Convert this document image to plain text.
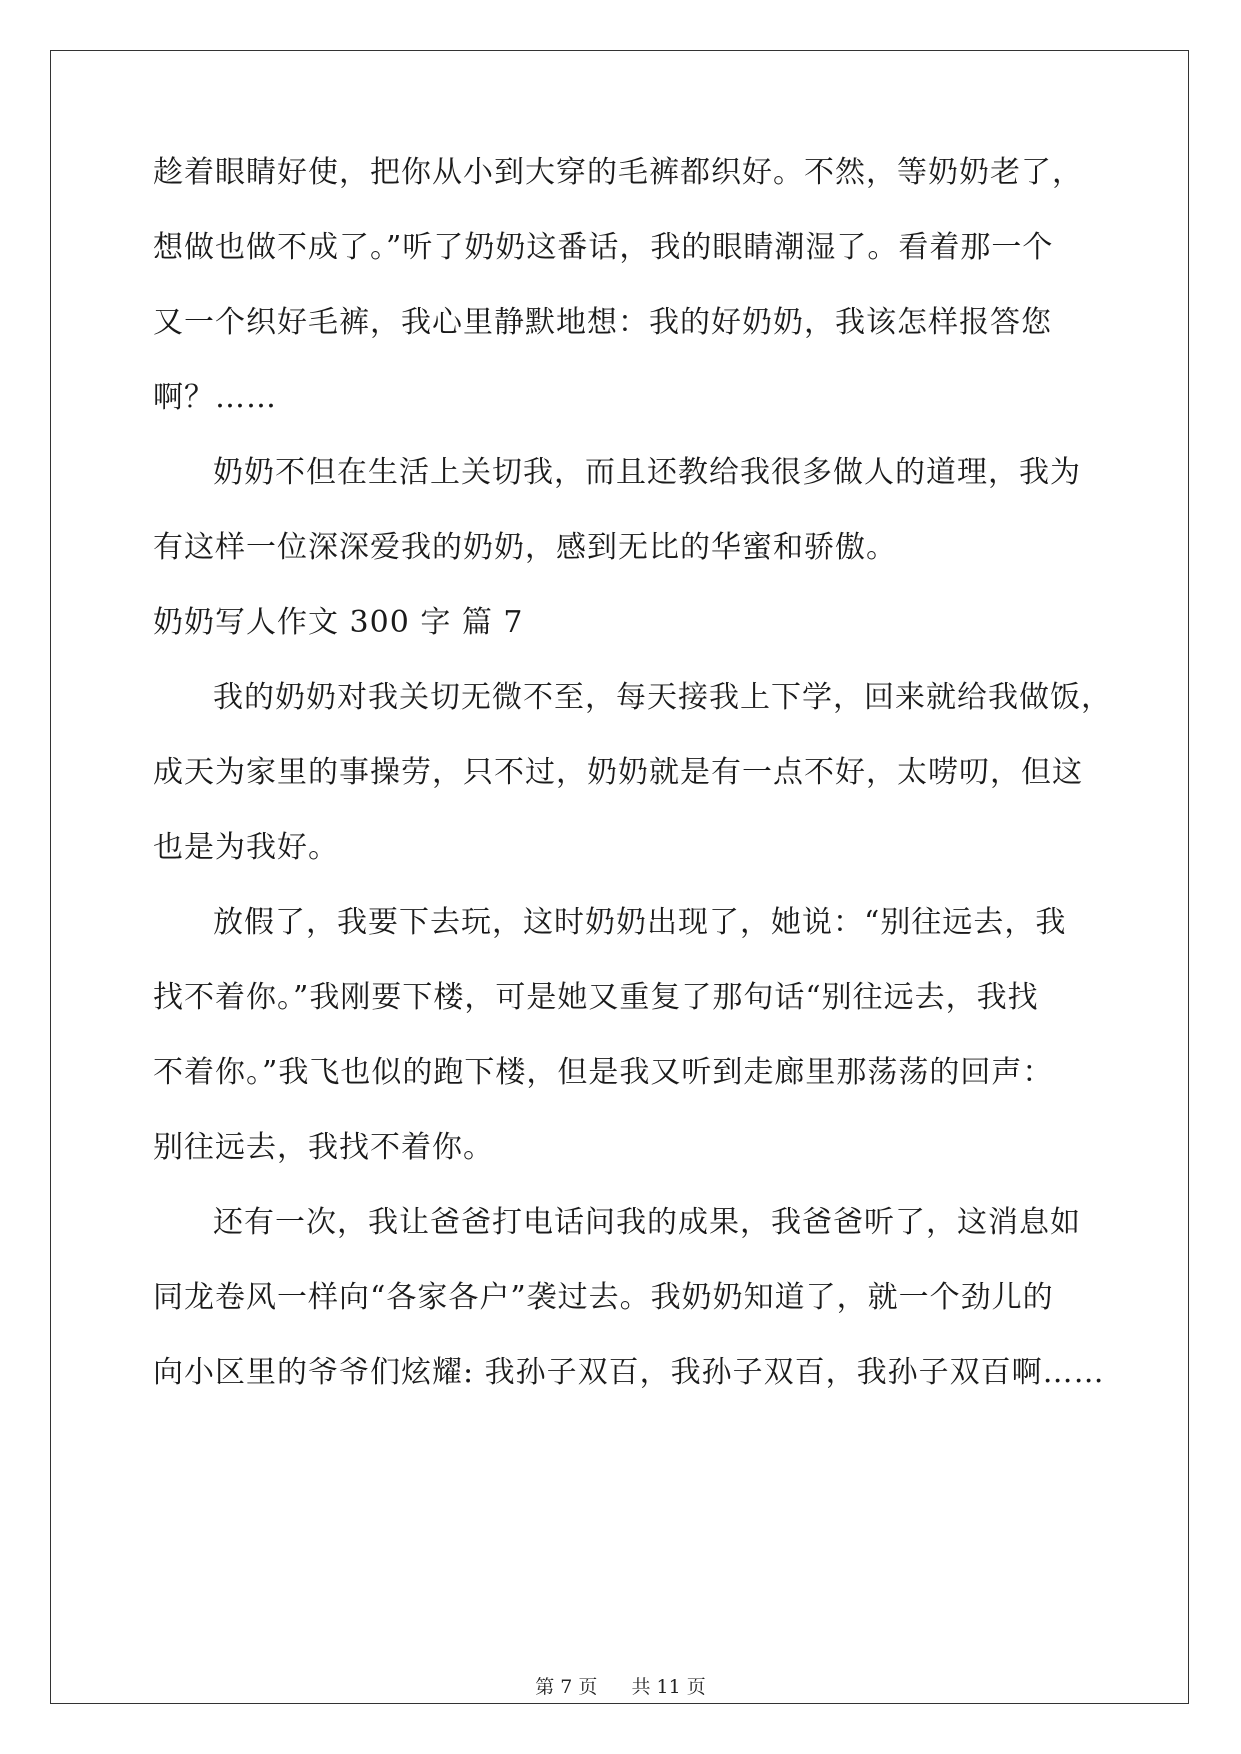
趁着眼睛好使，把你从小到大穿的毛裤都织好。不然，等奶奶老了，
想做也做不成了。”听了奶奶这番话，我的眼睛潮湿了。看着那一个
又一个织好毛裤，我心里静默地想：我的好奶奶，我该怎样报答您
啊？……
奶奶不但在生活上关切我，而且还教给我很多做人的道理，我为
有这样一位深深爱我的奶奶，感到无比的华蜜和骄傲。
奶奶写人作文 300 字 篇 7
我的奶奶对我关切无微不至，每天接我上下学，回来就给我做饭，
成天为家里的事操劳，只不过，奶奶就是有一点不好，太唠叨，但这
也是为我好。
放假了，我要下去玩，这时奶奶出现了，她说：“别往远去，我
找不着你。”我刚要下楼，可是她又重复了那句话“别往远去，我找
不着你。”我飞也似的跑下楼，但是我又听到走廊里那荡荡的回声：
别往远去，我找不着你。
还有一次，我让爸爸打电话问我的成果，我爸爸听了，这消息如
同龙卷风一样向“各家各户”袭过去。我奶奶知道了，就一个劲儿的
向小区里的爷爷们炫耀: 我孙子双百，我孙子双百，我孙子双百啊……
第 7 页 共 11 页
